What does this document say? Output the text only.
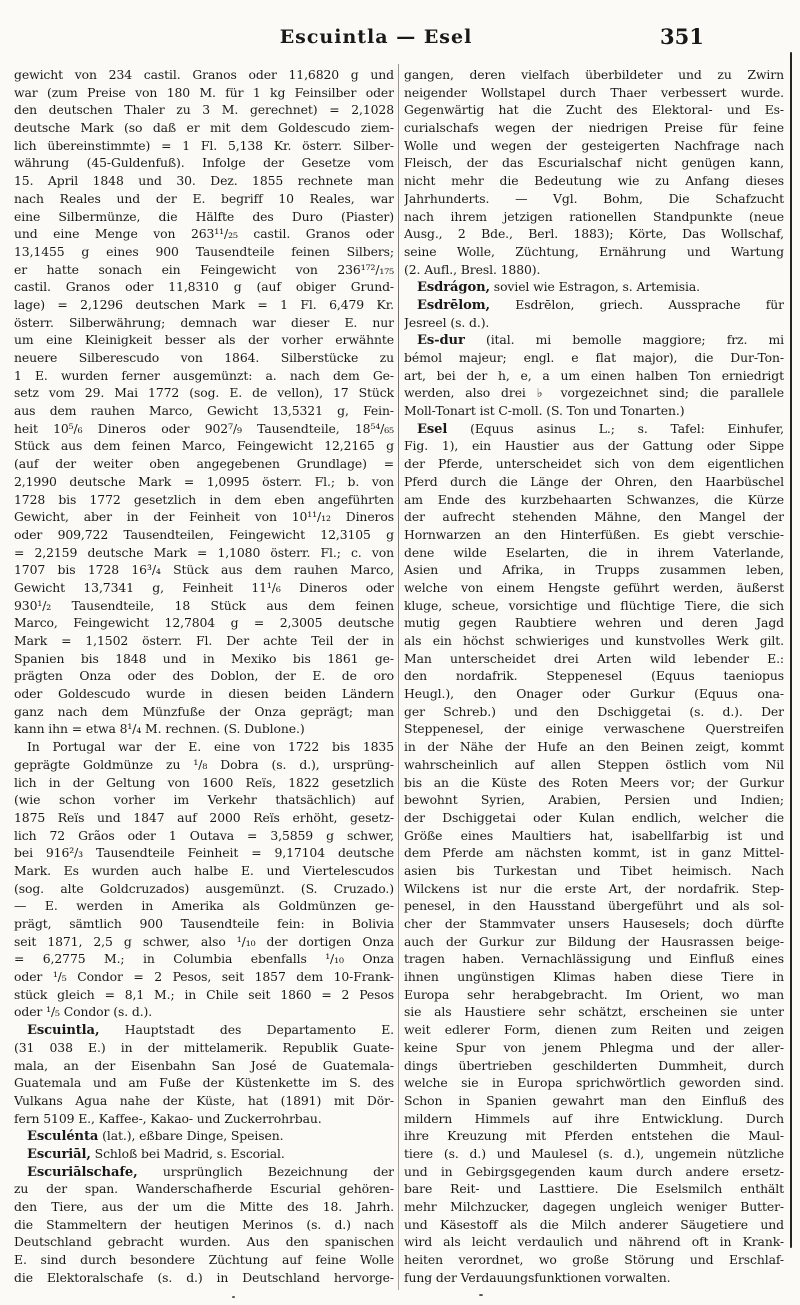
Escuintla — Esel	351
gewicht von 234 castil. Granos oder 11,6820 g und
war (zum Preise von 180 M. für 1 kg Feinsilber oder
den deutschen Thaler zu 3 M. gerechnet) = 2,1028
deutsche Mark (so daß er mit dem Goldescudo ziem-
lich übereinstimmte) = 1 Fl. 5,138 Kr. österr. Silber-
währung (45-Guldenfuß). Infolge der Gesetze vom
15. April 1848 und 30. Dez. 1855 rechnete man
nach Reales und der E. begriff 10 Reales, war
eine Silbermünze, die Hälfte des Duro (Piaster)
und eine Menge von 263¹¹/₂₅ castil. Granos oder
13,1455 g eines 900 Tausendteile feinen Silbers;
er hatte sonach ein Feingewicht von 236¹⁷²/₁₇₅
castil. Granos oder 11,8310 g (auf obiger Grund-
lage) = 2,1296 deutschen Mark = 1 Fl. 6,479 Kr.
österr. Silberwährung; demnach war dieser E. nur
um eine Kleinigkeit besser als der vorher erwähnte
neuere Silberescudo von 1864. Silberstücke zu
1 E. wurden ferner ausgemünzt: a. nach dem Ge-
setz vom 29. Mai 1772 (sog. E. de vellon), 17 Stück
aus dem rauhen Marco, Gewicht 13,5321 g, Fein-
heit 10⁵/₆ Dineros oder 902⁷/₉ Tausendteile, 18⁵⁴/₆₅
Stück aus dem feinen Marco, Feingewicht 12,2165 g
(auf der weiter oben angegebenen Grundlage) =
2,1990 deutsche Mark = 1,0995 österr. Fl.; b. von
1728 bis 1772 gesetzlich in dem eben angeführten
Gewicht, aber in der Feinheit von 10¹¹/₁₂ Dineros
oder 909,722 Tausendteilen, Feingewicht 12,3105 g
= 2,2159 deutsche Mark = 1,1080 österr. Fl.; c. von
1707 bis 1728 16³/₄ Stück aus dem rauhen Marco,
Gewicht 13,7341 g, Feinheit 11¹/₆ Dineros oder
930¹/₂ Tausendteile, 18 Stück aus dem feinen
Marco, Feingewicht 12,7804 g = 2,3005 deutsche
Mark = 1,1502 österr. Fl. Der achte Teil der in
Spanien bis 1848 und in Mexiko bis 1861 ge-
prägten Onza oder des Doblon, der E. de oro
oder Goldescudo wurde in diesen beiden Ländern
ganz nach dem Münzfuße der Onza geprägt; man
kann ihn = etwa 8¹/₄ M. rechnen. (S. Dublone.)
In Portugal war der E. eine von 1722 bis 1835
geprägte Goldmünze zu ¹/₈ Dobra (s. d.), ursprüng-
lich in der Geltung von 1600 Reïs, 1822 gesetzlich
(wie schon vorher im Verkehr thatsächlich) auf
1875 Reïs und 1847 auf 2000 Reïs erhöht, gesetz-
lich 72 Grãos oder 1 Outava = 3,5859 g schwer,
bei 916²/₃ Tausendteile Feinheit = 9,17104 deutsche
Mark. Es wurden auch halbe E. und Viertelescudos
(sog. alte Goldcruzados) ausgemünzt. (S. Cruzado.)
— E. werden in Amerika als Goldmünzen ge-
prägt, sämtlich 900 Tausendteile fein: in Bolivia
seit 1871, 2,5 g schwer, also ¹/₁₀ der dortigen Onza
= 6,2775 M.; in Columbia ebenfalls ¹/₁₀ Onza
oder ¹/₅ Condor = 2 Pesos, seit 1857 dem 10-Frank-
stück gleich = 8,1 M.; in Chile seit 1860 = 2 Pesos
oder ¹/₅ Condor (s. d.).
Escuintla, Hauptstadt des Departamento E.
(31 038 E.) in der mittelamerik. Republik Guate-
mala, an der Eisenbahn San José de Guatemala-
Guatemala und am Fuße der Küstenkette im S. des
Vulkans Agua nahe der Küste, hat (1891) mit Dör-
fern 5109 E., Kaffee-, Kakao- und Zuckerrohrbau.
Esculénta (lat.), eßbare Dinge, Speisen.
Escuriāl, Schloß bei Madrid, s. Escorial.
Escuriālschafe, ursprünglich Bezeichnung der
zu der span. Wanderschafherde Escurial gehören-
den Tiere, aus der um die Mitte des 18. Jahrh.
die Stammeltern der heutigen Merinos (s. d.) nach
Deutschland gebracht wurden. Aus den spanischen
E. sind durch besondere Züchtung auf feine Wolle
die Elektoralschafe (s. d.) in Deutschland hervorge-
gangen, deren vielfach überbildeter und zu Zwirn
neigender Wollstapel durch Thaer verbessert wurde.
Gegenwärtig hat die Zucht des Elektoral- und Es-
curialschafs wegen der niedrigen Preise für feine
Wolle und wegen der gesteigerten Nachfrage nach
Fleisch, der das Escurialschaf nicht genügen kann,
nicht mehr die Bedeutung wie zu Anfang dieses
Jahrhunderts. — Vgl. Bohm, Die Schafzucht
nach ihrem jetzigen rationellen Standpunkte (neue
Ausg., 2 Bde., Berl. 1883); Körte, Das Wollschaf,
seine Wolle, Züchtung, Ernährung und Wartung
(2. Aufl., Bresl. 1880).
Esdrágon, soviel wie Estragon, s. Artemisia.
Esdrēlom, Esdrēlon, griech. Aussprache für
Jesreel (s. d.).
Es-dur (ital. mi bemolle maggiore; frz. mi
bémol majeur; engl. e flat major), die Dur-Ton-
art, bei der h, e, a um einen halben Ton erniedrigt
werden, also drei ♭ vorgezeichnet sind; die parallele
Moll-Tonart ist C-moll. (S. Ton und Tonarten.)
Esel (Equus asinus L.; s. Tafel: Einhufer,
Fig. 1), ein Haustier aus der Gattung oder Sippe
der Pferde, unterscheidet sich von dem eigentlichen
Pferd durch die Länge der Ohren, den Haarbüschel
am Ende des kurzbehaarten Schwanzes, die Kürze
der aufrecht stehenden Mähne, den Mangel der
Hornwarzen an den Hinterfüßen. Es giebt verschie-
dene wilde Eselarten, die in ihrem Vaterlande,
Asien und Afrika, in Trupps zusammen leben,
welche von einem Hengste geführt werden, äußerst
kluge, scheue, vorsichtige und flüchtige Tiere, die sich
mutig gegen Raubtiere wehren und deren Jagd
als ein höchst schwieriges und kunstvolles Werk gilt.
Man unterscheidet drei Arten wild lebender E.:
den nordafrik. Steppenesel (Equus taeniopus
Heugl.), den Onager oder Gurkur (Equus ona-
ger Schreb.) und den Dschiggetai (s. d.). Der
Steppenesel, der einige verwaschene Querstreifen
in der Nähe der Hufe an den Beinen zeigt, kommt
wahrscheinlich auf allen Steppen östlich vom Nil
bis an die Küste des Roten Meers vor; der Gurkur
bewohnt Syrien, Arabien, Persien und Indien;
der Dschiggetai oder Kulan endlich, welcher die
Größe eines Maultiers hat, isabellfarbig ist und
dem Pferde am nächsten kommt, ist in ganz Mittel-
asien bis Turkestan und Tibet heimisch. Nach
Wilckens ist nur die erste Art, der nordafrik. Step-
penesel, in den Hausstand übergeführt und als sol-
cher der Stammvater unsers Hausesels; doch dürfte
auch der Gurkur zur Bildung der Hausrassen beige-
tragen haben. Vernachlässigung und Einfluß eines
ihnen ungünstigen Klimas haben diese Tiere in
Europa sehr herabgebracht. Im Orient, wo man
sie als Haustiere sehr schätzt, erscheinen sie unter
weit edlerer Form, dienen zum Reiten und zeigen
keine Spur von jenem Phlegma und der aller-
dings übertrieben geschilderten Dummheit, durch
welche sie in Europa sprichwörtlich geworden sind.
Schon in Spanien gewahrt man den Einfluß des
mildern Himmels auf ihre Entwicklung. Durch
ihre Kreuzung mit Pferden entstehen die Maul-
tiere (s. d.) und Maulesel (s. d.), ungemein nützliche
und in Gebirgsgegenden kaum durch andere ersetz-
bare Reit- und Lasttiere. Die Eselsmilch enthält
mehr Milchzucker, dagegen ungleich weniger Butter-
und Käsestoff als die Milch anderer Säugetiere und
wird als leicht verdaulich und nährend oft in Krank-
heiten verordnet, wo große Störung und Erschlaf-
fung der Verdauungsfunktionen vorwalten.
